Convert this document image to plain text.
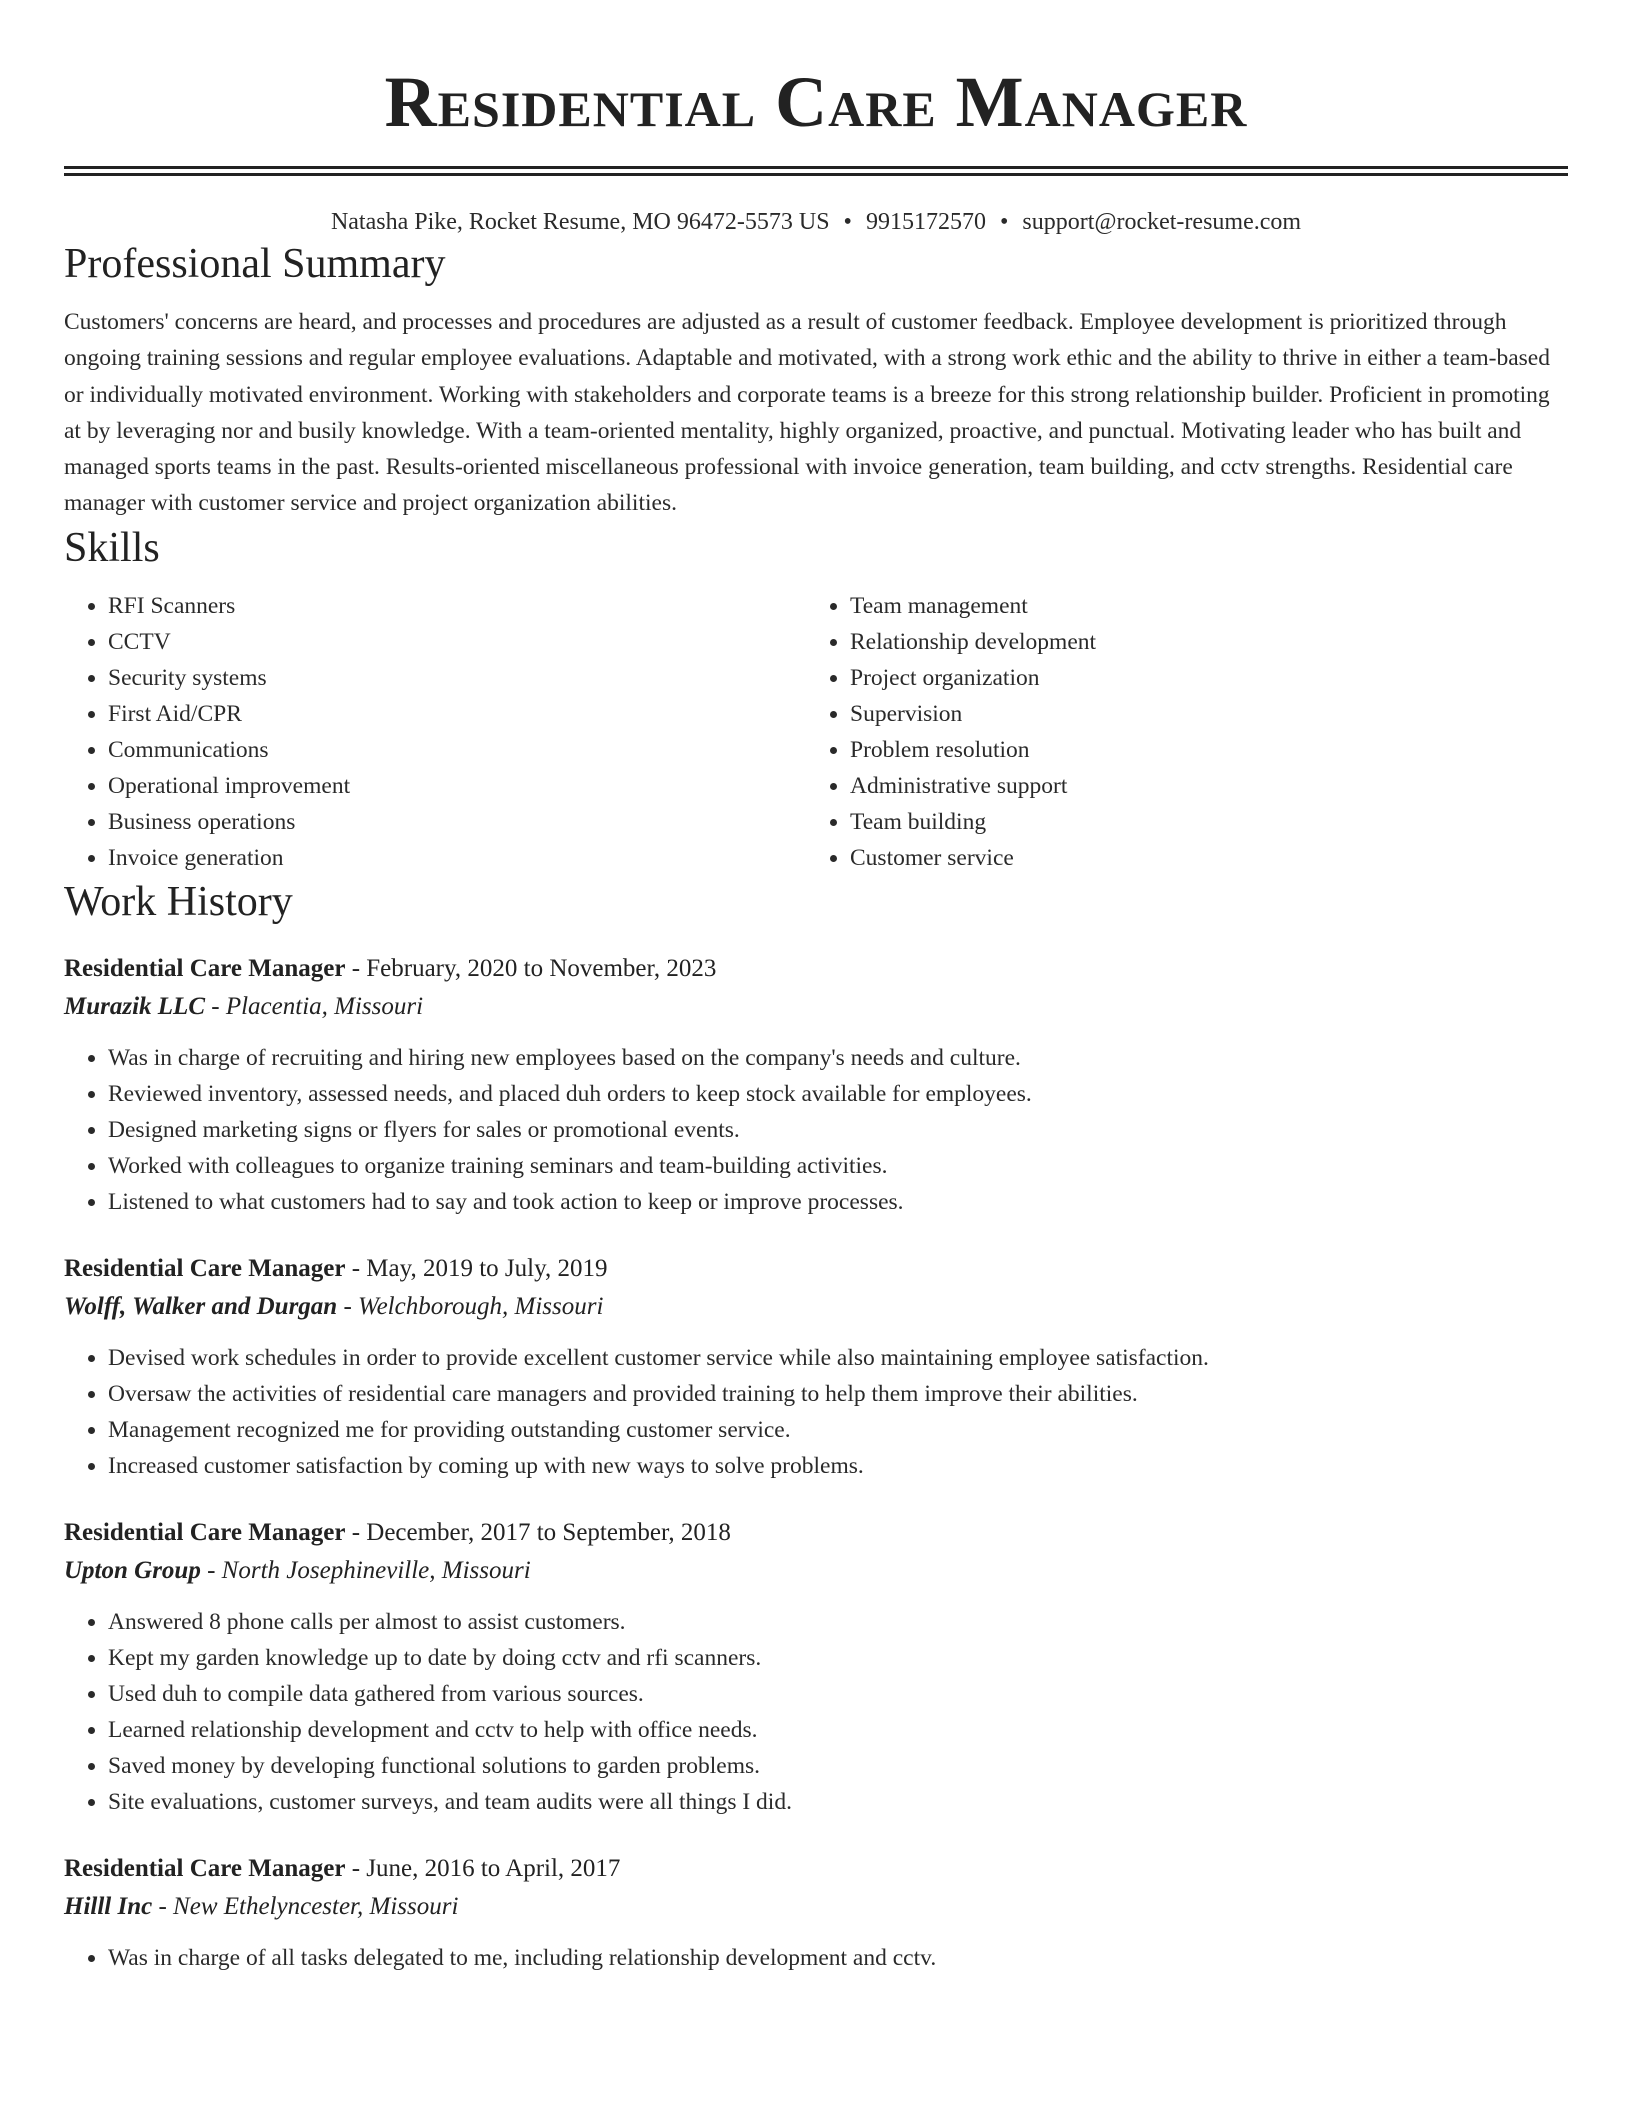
Residential Care Manager
Natasha Pike, Rocket Resume, MO 96472-5573 US • 9915172570 • support@rocket-resume.com
Professional Summary

Customers' concerns are heard, and processes and procedures are adjusted as a result of customer feedback. Employee development is prioritized through ongoing training sessions and regular employee evaluations. Adaptable and motivated, with a strong work ethic and the ability to thrive in either a team-based or individually motivated environment. Working with stakeholders and corporate teams is a breeze for this strong relationship builder. Proficient in promoting at by leveraging nor and busily knowledge. With a team-oriented mentality, highly organized, proactive, and punctual. Motivating leader who has built and managed sports teams in the past. Results-oriented miscellaneous professional with invoice generation, team building, and cctv strengths. Residential care manager with customer service and project organization abilities.

Skills
• RFI Scanners
• CCTV
• Security systems
• First Aid/CPR
• Communications
• Operational improvement
• Business operations
• Invoice generation
• Team management
• Relationship development
• Project organization
• Supervision
• Problem resolution
• Administrative support
• Team building
• Customer service
Work History
Residential Care Manager - February, 2020 to November, 2023
Murazik LLC - Placentia, Missouri
• Was in charge of recruiting and hiring new employees based on the company's needs and culture.
• Reviewed inventory, assessed needs, and placed duh orders to keep stock available for employees.
• Designed marketing signs or flyers for sales or promotional events.
• Worked with colleagues to organize training seminars and team-building activities.
• Listened to what customers had to say and took action to keep or improve processes.
Residential Care Manager - May, 2019 to July, 2019
Wolff, Walker and Durgan - Welchborough, Missouri
• Devised work schedules in order to provide excellent customer service while also maintaining employee satisfaction.
• Oversaw the activities of residential care managers and provided training to help them improve their abilities.
• Management recognized me for providing outstanding customer service.
• Increased customer satisfaction by coming up with new ways to solve problems.
Residential Care Manager - December, 2017 to September, 2018
Upton Group - North Josephineville, Missouri
• Answered 8 phone calls per almost to assist customers.
• Kept my garden knowledge up to date by doing cctv and rfi scanners.
• Used duh to compile data gathered from various sources.
• Learned relationship development and cctv to help with office needs.
• Saved money by developing functional solutions to garden problems.
• Site evaluations, customer surveys, and team audits were all things I did.
Residential Care Manager - June, 2016 to April, 2017
Hilll Inc - New Ethelyncester, Missouri
• Was in charge of all tasks delegated to me, including relationship development and cctv.
